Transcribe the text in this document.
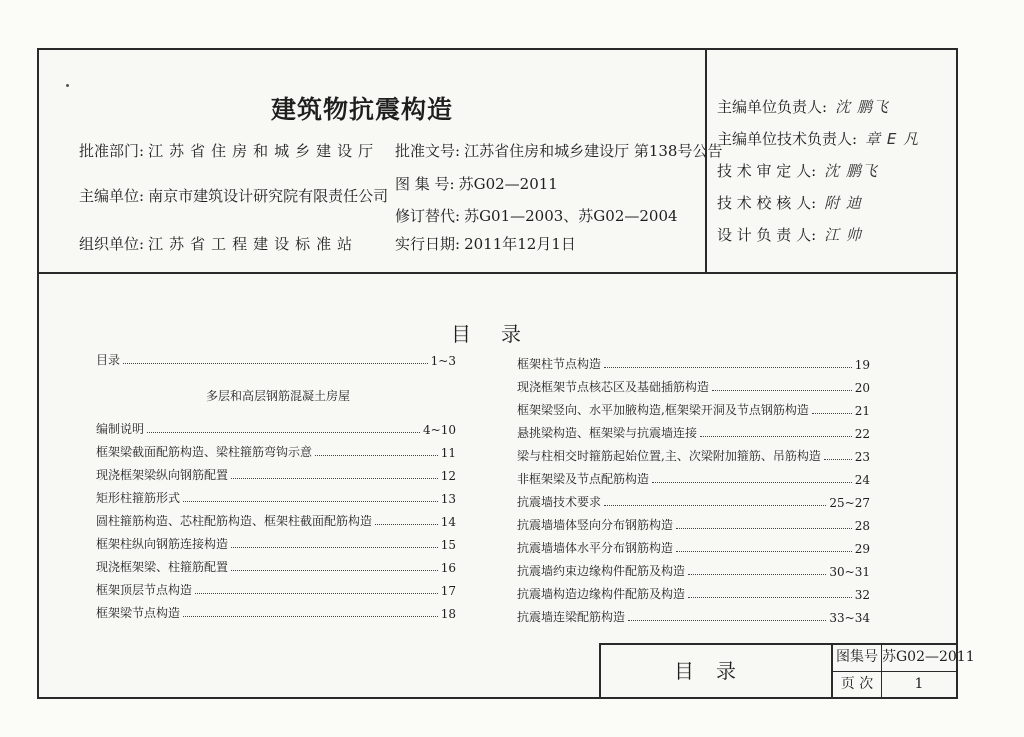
建筑物抗震构造
批准部门: 江苏省住房和城乡建设厅
主编单位: 南京市建筑设计研究院有限责任公司
组织单位: 江苏省工程建设标准站
批准文号: 江苏省住房和城乡建设厅 第138号公告
图 集 号: 苏G02—2011
修订替代: 苏G01—2003、苏G02—2004
实行日期: 2011年12月1日
主编单位负责人: 沈 鹏飞
主编单位技术负责人: 章 E 凡
技 术 审 定 人: 沈 鹏飞
技 术 校 核 人: 附 迪
设 计 负 责 人: 江 帅
目录
目录	1~3
多层和高层钢筋混凝土房屋
编制说明	4~10
框架梁截面配筋构造、梁柱箍筋弯钩示意	11
现浇框架梁纵向钢筋配置	12
矩形柱箍筋形式	13
圆柱箍筋构造、芯柱配筋构造、框架柱截面配筋构造	14
框架柱纵向钢筋连接构造	15
现浇框架梁、柱箍筋配置	16
框架顶层节点构造	17
框架梁节点构造	18
框架柱节点构造	19
现浇框架节点核芯区及基础插筋构造	20
框架梁竖向、水平加腋构造,框架梁开洞及节点钢筋构造	21
悬挑梁构造、框架梁与抗震墙连接	22
梁与柱相交时箍筋起始位置,主、次梁附加箍筋、吊筋构造	23
非框架梁及节点配筋构造	24
抗震墙技术要求	25~27
抗震墙墙体竖向分布钢筋构造	28
抗震墙墙体水平分布钢筋构造	29
抗震墙约束边缘构件配筋及构造	30~31
抗震墙构造边缘构件配筋及构造	32
抗震墙连梁配筋构造	33~34
目录
图集号 苏G02—2011
页 次	1
